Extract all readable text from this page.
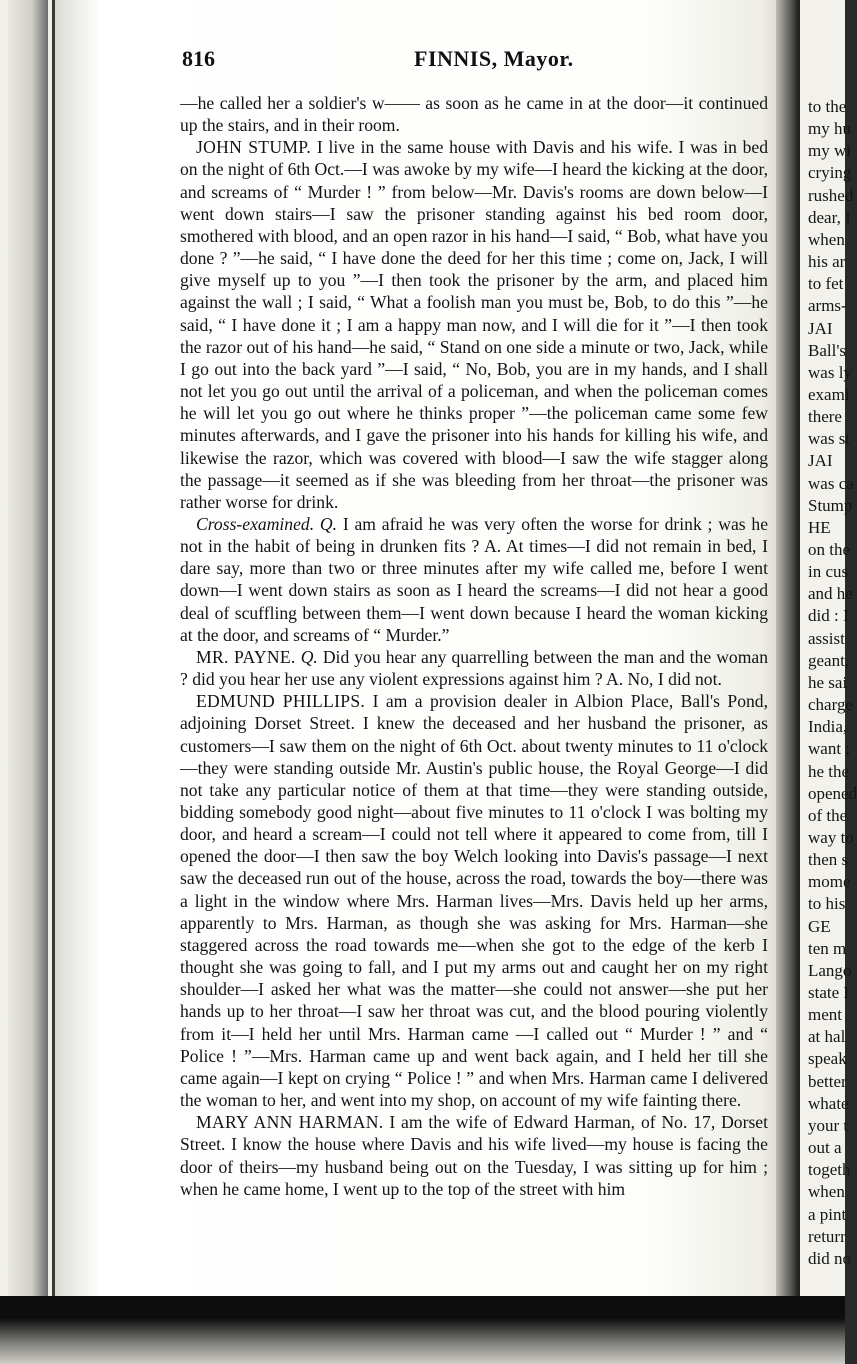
816	FINNIS, Mayor.

—he called her a soldier's w—— as soon as he came in at the door—it continued up the stairs, and in their room.

JOHN STUMP. I live in the same house with Davis and his wife. I was in bed on the night of 6th Oct.—I was awoke by my wife—I heard the kicking at the door, and screams of “ Murder ! ” from below—Mr. Davis's rooms are down below—I went down stairs—I saw the prisoner standing against his bed room door, smothered with blood, and an open razor in his hand—I said, “ Bob, what have you done ? ”—he said, “ I have done the deed for her this time ; come on, Jack, I will give myself up to you ”—I then took the prisoner by the arm, and placed him against the wall ; I said, “ What a foolish man you must be, Bob, to do this ”—he said, “ I have done it ; I am a happy man now, and I will die for it ”—I then took the razor out of his hand—he said, “ Stand on one side a minute or two, Jack, while I go out into the back yard ”—I said, “ No, Bob, you are in my hands, and I shall not let you go out until the arrival of a policeman, and when the policeman comes he will let you go out where he thinks proper ”—the policeman came some few minutes afterwards, and I gave the prisoner into his hands for killing his wife, and likewise the razor, which was covered with blood—I saw the wife stagger along the passage—it seemed as if she was bleeding from her throat—the prisoner was rather worse for drink.

Cross-examined. Q. I am afraid he was very often the worse for drink ; was he not in the habit of being in drunken fits ? A. At times—I did not remain in bed, I dare say, more than two or three minutes after my wife called me, before I went down—I went down stairs as soon as I heard the screams—I did not hear a good deal of scuffling between them—I went down because I heard the woman kicking at the door, and screams of “ Murder.”

MR. PAYNE. Q. Did you hear any quarrelling between the man and the woman ? did you hear her use any violent expressions against him ? A. No, I did not.

EDMUND PHILLIPS. I am a provision dealer in Albion Place, Ball's Pond, adjoining Dorset Street. I knew the deceased and her husband the prisoner, as customers—I saw them on the night of 6th Oct. about twenty minutes to 11 o'clock—they were standing outside Mr. Austin's public house, the Royal George—I did not take any particular notice of them at that time—they were standing outside, bidding somebody good night—about five minutes to 11 o'clock I was bolting my door, and heard a scream—I could not tell where it appeared to come from, till I opened the door—I then saw the boy Welch looking into Davis's passage—I next saw the deceased run out of the house, across the road, towards the boy—there was a light in the window where Mrs. Harman lives—Mrs. Davis held up her arms, apparently to Mrs. Harman, as though she was asking for Mrs. Harman—she staggered across the road towards me—when she got to the edge of the kerb I thought she was going to fall, and I put my arms out and caught her on my right shoulder—I asked her what was the matter—she could not answer—she put her hands up to her throat—I saw her throat was cut, and the blood pouring violently from it—I held her until Mrs. Harman came —I called out “ Murder ! ” and “ Police ! ”—Mrs. Harman came up and went back again, and I held her till she came again—I kept on crying “ Police ! ” and when Mrs. Harman came I delivered the woman to her, and went into my shop, on account of my wife fainting there.

MARY ANN HARMAN. I am the wife of Edward Harman, of No. 17, Dorset Street. I know the house where Davis and his wife lived—my house is facing the door of theirs—my husband being out on the Tuesday, I was sitting up for him ; when he came home, I went up to the top of the street with him

to the
my hu
my wi
crying
rushed
dear, I
when
his ar
to fet
arms-
JAI
Ball's
was ly
exami
there
was st
JAI
was ca
Stump
HE
on the
in cus
and he
did : I
assist
geant,
he sai
charge
India,
want ;
he the
opened
of the
way to
then s
mome
to his
GE
ten m
Lango
state I
ment
at hal
speak
better
whate
your t
out a
togeth
when
a pint
returr
did no
